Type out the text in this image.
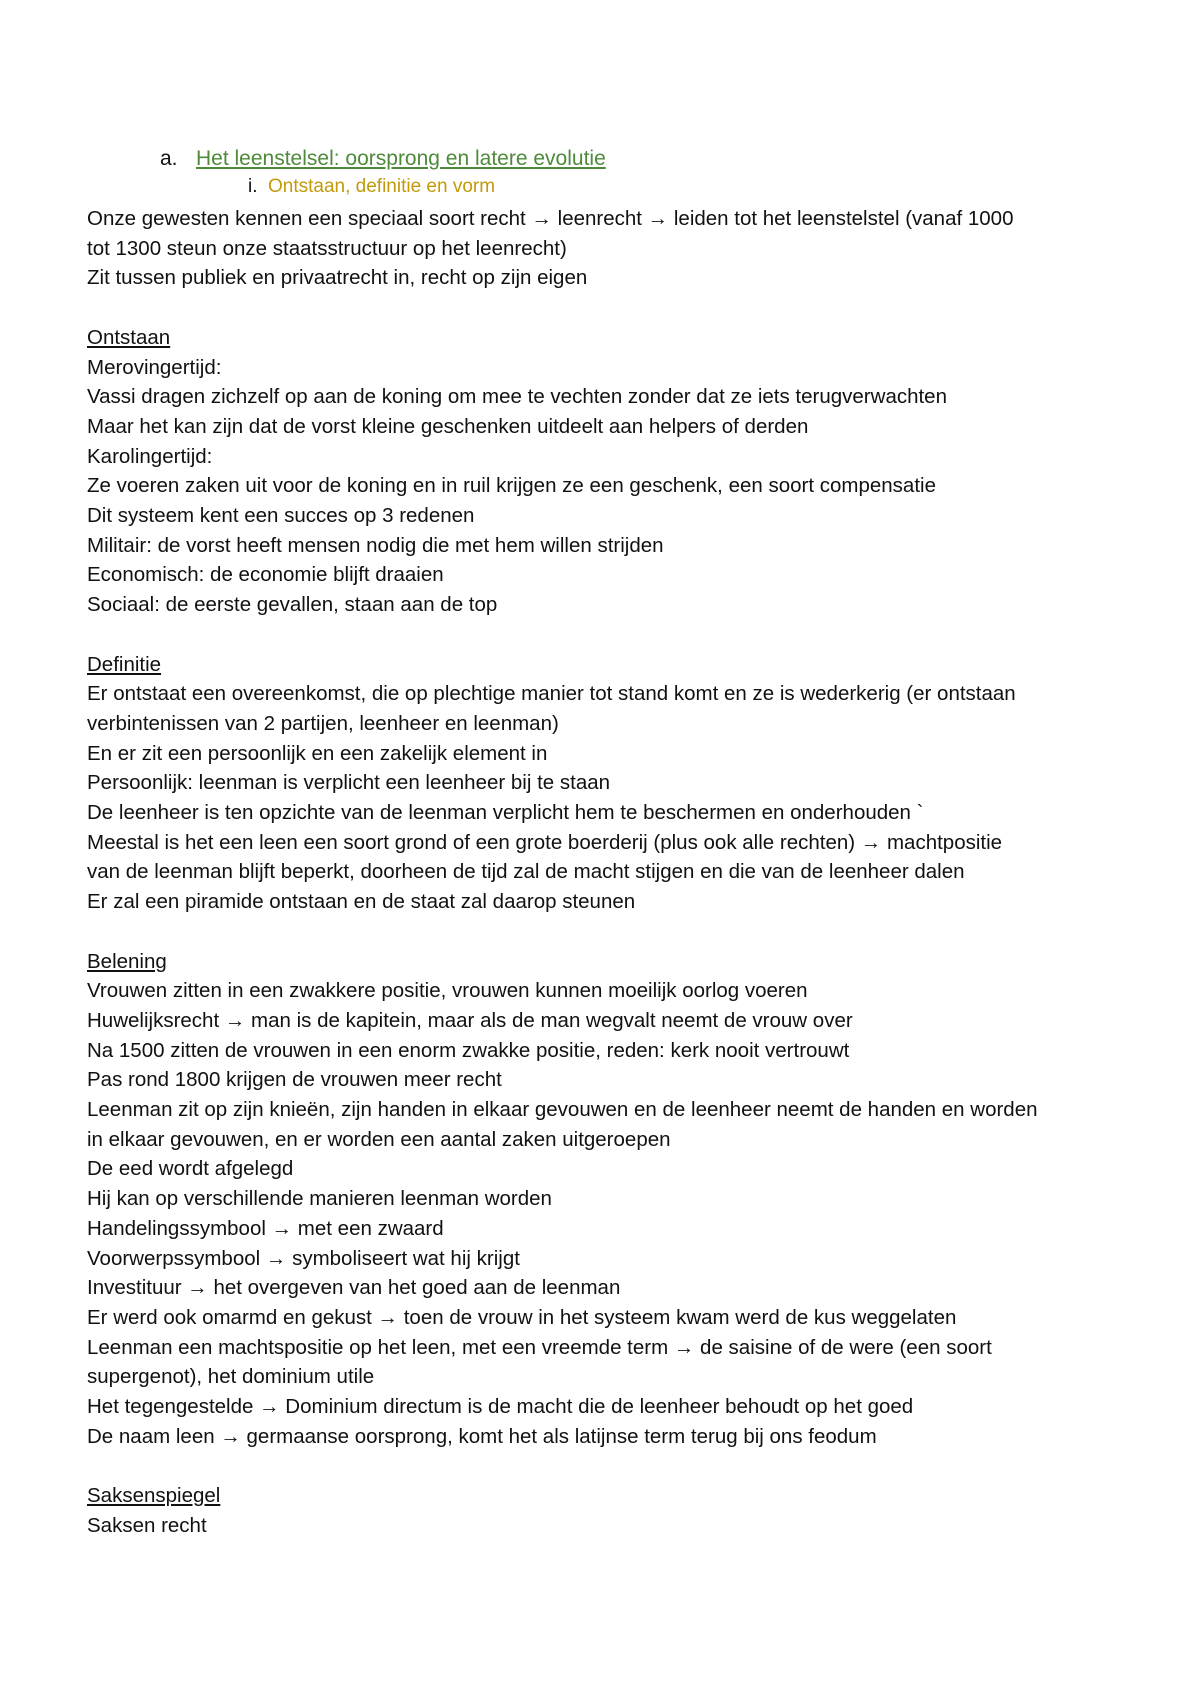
a. Het leenstelsel: oorsprong en latere evolutie
i. Ontstaan, definitie en vorm
Onze gewesten kennen een speciaal soort recht → leenrecht → leiden tot het leenstelstel (vanaf 1000
tot 1300 steun onze staatsstructuur op het leenrecht)
Zit tussen publiek en privaatrecht in, recht op zijn eigen
Ontstaan
Merovingertijd:
Vassi dragen zichzelf op aan de koning om mee te vechten zonder dat ze iets terugverwachten
Maar het kan zijn dat de vorst kleine geschenken uitdeelt aan helpers of derden
Karolingertijd:
Ze voeren zaken uit voor de koning en in ruil krijgen ze een geschenk, een soort compensatie
Dit systeem kent een succes op 3 redenen
Militair: de vorst heeft mensen nodig die met hem willen strijden
Economisch: de economie blijft draaien
Sociaal: de eerste gevallen, staan aan de top
Definitie
Er ontstaat een overeenkomst, die op plechtige manier tot stand komt en ze is wederkerig (er ontstaan
verbintenissen van 2 partijen, leenheer en leenman)
En er zit een persoonlijk en een zakelijk element in
Persoonlijk: leenman is verplicht een leenheer bij te staan
De leenheer is ten opzichte van de leenman verplicht hem te beschermen en onderhouden `
Meestal is het een leen een soort grond of een grote boerderij (plus ook alle rechten) → machtpositie
van de leenman blijft beperkt, doorheen de tijd zal de macht stijgen en die van de leenheer dalen
Er zal een piramide ontstaan en de staat zal daarop steunen
Belening
Vrouwen zitten in een zwakkere positie, vrouwen kunnen moeilijk oorlog voeren
Huwelijksrecht → man is de kapitein, maar als de man wegvalt neemt de vrouw over
Na 1500 zitten de vrouwen in een enorm zwakke positie, reden: kerk nooit vertrouwt
Pas rond 1800 krijgen de vrouwen meer recht
Leenman zit op zijn knieën, zijn handen in elkaar gevouwen en de leenheer neemt de handen en worden
in elkaar gevouwen, en er worden een aantal zaken uitgeroepen
De eed wordt afgelegd
Hij kan op verschillende manieren leenman worden
Handelingssymbool → met een zwaard
Voorwerpssymbool → symboliseert wat hij krijgt
Investituur → het overgeven van het goed aan de leenman
Er werd ook omarmd en gekust → toen de vrouw in het systeem kwam werd de kus weggelaten
Leenman een machtspositie op het leen, met een vreemde term → de saisine of de were (een soort
supergenot), het dominium utile
Het tegengestelde → Dominium directum is de macht die de leenheer behoudt op het goed
De naam leen → germaanse oorsprong, komt het als latijnse term terug bij ons feodum
Saksenspiegel
Saksen recht
